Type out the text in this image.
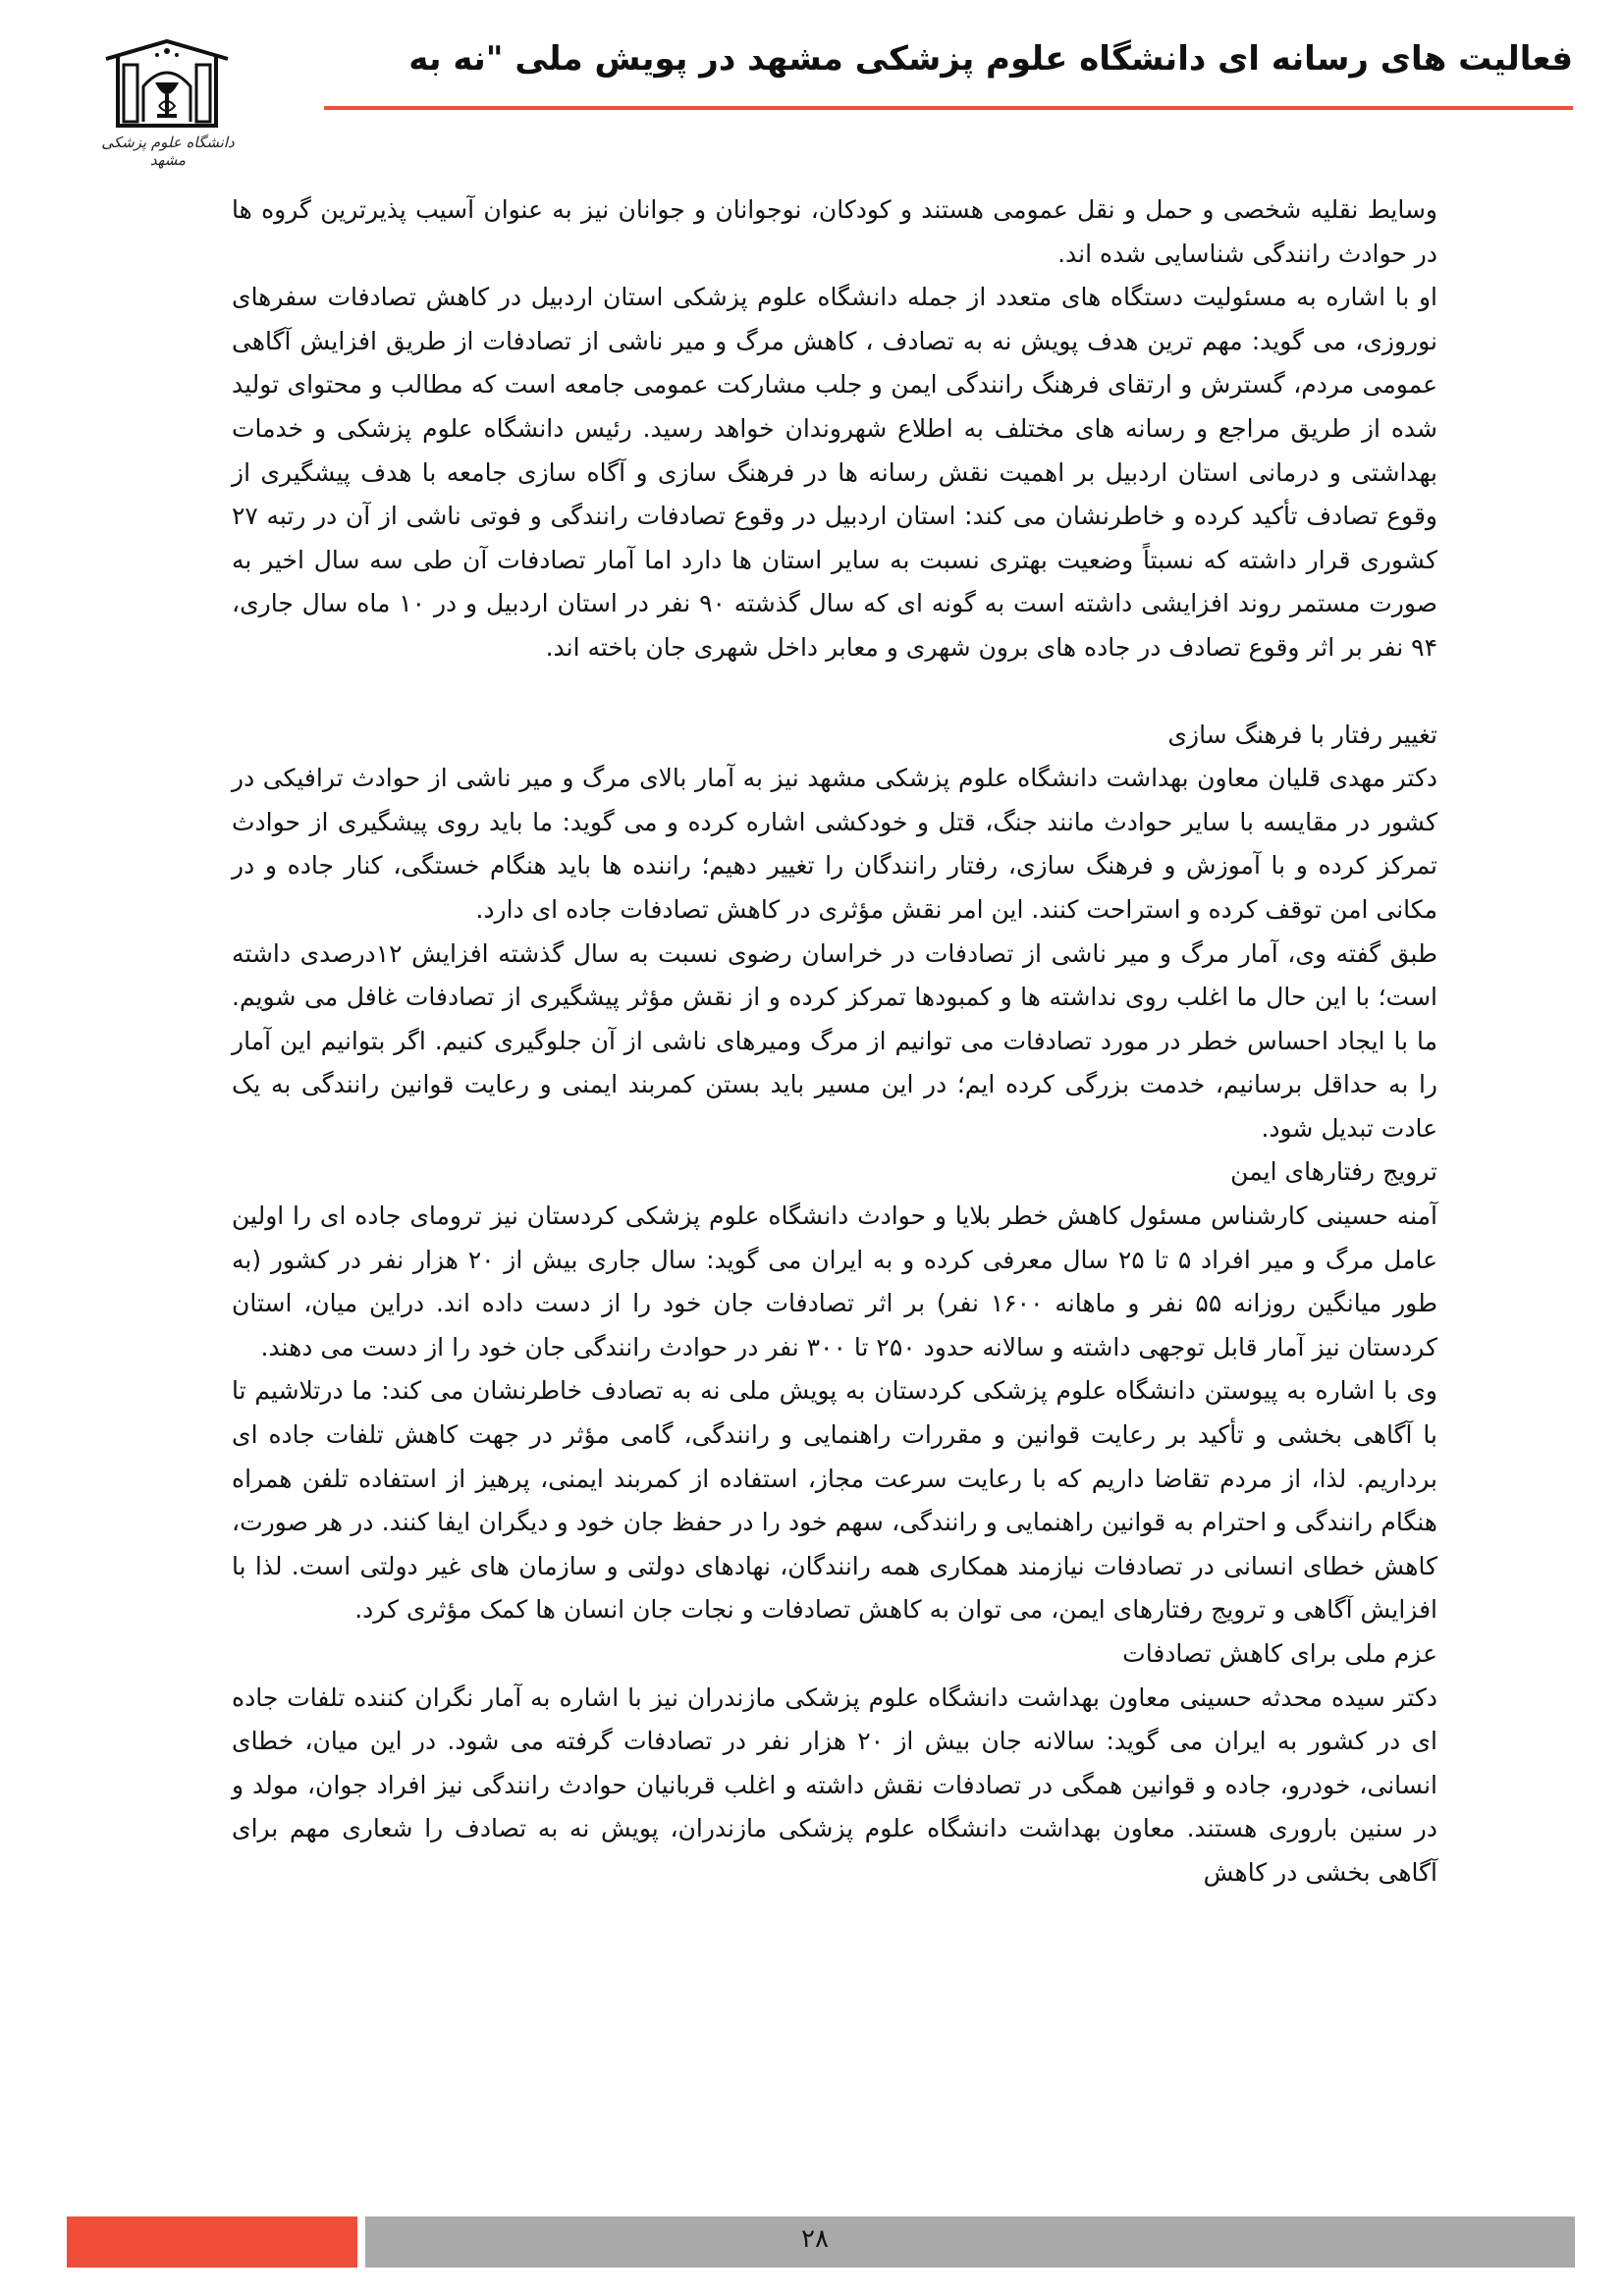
فعالیت های رسانه ای دانشگاه علوم پزشکی مشهد در پویش ملی "نه به
دانشگاه علوم پزشکی مشهد

وسایط نقلیه شخصی و حمل و نقل عمومی هستند و کودکان، نوجوانان و جوانان نیز به عنوان آسیب پذیرترین گروه ها در حوادث رانندگی شناسایی شده اند.

او با اشاره به مسئولیت دستگاه های متعدد از جمله دانشگاه علوم پزشکی استان اردبیل در کاهش تصادفات سفرهای نوروزی، می گوید: مهم ترین هدف پویش نه به تصادف ، کاهش مرگ و میر ناشی از تصادفات از طریق افزایش آگاهی عمومی مردم، گسترش و ارتقای فرهنگ رانندگی ایمن و جلب مشارکت عمومی جامعه است که مطالب و محتوای تولید شده از طریق مراجع و رسانه های مختلف به اطلاع شهروندان خواهد رسید. رئیس دانشگاه علوم پزشکی و خدمات بهداشتی و درمانی استان اردبیل بر اهمیت نقش رسانه ها در فرهنگ سازی و آگاه سازی جامعه با هدف پیشگیری از وقوع تصادف تأکید کرده و خاطرنشان می کند: استان اردبیل در وقوع تصادفات رانندگی و فوتی ناشی از آن در رتبه ۲۷ کشوری قرار داشته که نسبتاً وضعیت بهتری نسبت به سایر استان ها دارد اما آمار تصادفات آن طی سه سال اخیر به صورت مستمر روند افزایشی داشته است به گونه ای که سال گذشته ۹۰ نفر در استان اردبیل و در ۱۰ ماه سال جاری، ۹۴ نفر بر اثر وقوع تصادف در جاده های برون شهری و معابر داخل شهری جان باخته اند.

تغییر رفتار با فرهنگ سازی

دکتر مهدی قلیان معاون بهداشت دانشگاه علوم پزشکی مشهد نیز به آمار بالای مرگ و میر ناشی از حوادث ترافیکی در کشور در مقایسه با سایر حوادث مانند جنگ، قتل و خودکشی اشاره کرده و می گوید: ما باید روی پیشگیری از حوادث تمرکز کرده و با آموزش و فرهنگ سازی، رفتار رانندگان را تغییر دهیم؛ راننده ها باید هنگام خستگی، کنار جاده و در مکانی امن توقف کرده و استراحت کنند. این امر نقش مؤثری در کاهش تصادفات جاده ای دارد.

طبق گفته وی، آمار مرگ و میر ناشی از تصادفات در خراسان رضوی نسبت به سال گذشته افزایش ۱۲درصدی داشته است؛ با این حال ما اغلب روی نداشته ها و کمبودها تمرکز کرده و از نقش مؤثر پیشگیری از تصادفات غافل می شویم. ما با ایجاد احساس خطر در مورد تصادفات می توانیم از مرگ ومیرهای ناشی از آن جلوگیری کنیم. اگر بتوانیم این آمار را به حداقل برسانیم، خدمت بزرگی کرده ایم؛ در این مسیر باید بستن کمربند ایمنی و رعایت قوانین رانندگی به یک عادت تبدیل شود.

ترویج رفتارهای ایمن

آمنه حسینی کارشناس مسئول کاهش خطر بلایا و حوادث دانشگاه علوم پزشکی کردستان نیز ترومای جاده ای را اولین عامل مرگ و میر افراد ۵ تا ۲۵ سال معرفی کرده و به ایران می گوید: سال جاری بیش از ۲۰ هزار نفر در کشور (به طور میانگین روزانه ۵۵ نفر و ماهانه ۱۶۰۰ نفر) بر اثر تصادفات جان خود را از دست داده اند. دراین میان، استان کردستان نیز آمار قابل توجهی داشته و سالانه حدود ۲۵۰ تا ۳۰۰ نفر در حوادث رانندگی جان خود را از دست می دهند.

وی با اشاره به پیوستن دانشگاه علوم پزشکی کردستان به پویش ملی نه به تصادف خاطرنشان می کند: ما درتلاشیم تا با آگاهی بخشی و تأکید بر رعایت قوانین و مقررات راهنمایی و رانندگی، گامی مؤثر در جهت کاهش تلفات جاده ای برداریم. لذا، از مردم تقاضا داریم که با رعایت سرعت مجاز، استفاده از کمربند ایمنی، پرهیز از استفاده تلفن همراه هنگام رانندگی و احترام به قوانین راهنمایی و رانندگی، سهم خود را در حفظ جان خود و دیگران ایفا کنند. در هر صورت، کاهش خطای انسانی در تصادفات نیازمند همکاری همه رانندگان، نهادهای دولتی و سازمان های غیر دولتی است. لذا با افزایش آگاهی و ترویج رفتارهای ایمن، می توان به کاهش تصادفات و نجات جان انسان ها کمک مؤثری کرد.

عزم ملی برای کاهش تصادفات

دکتر سیده محدثه حسینی معاون بهداشت دانشگاه علوم پزشکی مازندران نیز با اشاره به آمار نگران کننده تلفات جاده ای در کشور به ایران می گوید: سالانه جان بیش از ۲۰ هزار نفر در تصادفات گرفته می شود. در این میان، خطای انسانی، خودرو، جاده و قوانین همگی در تصادفات نقش داشته و اغلب قربانیان حوادث رانندگی نیز افراد جوان، مولد و در سنین باروری هستند. معاون بهداشت دانشگاه علوم پزشکی مازندران، پویش نه به تصادف را شعاری مهم برای آگاهی بخشی در کاهش

۲۸
